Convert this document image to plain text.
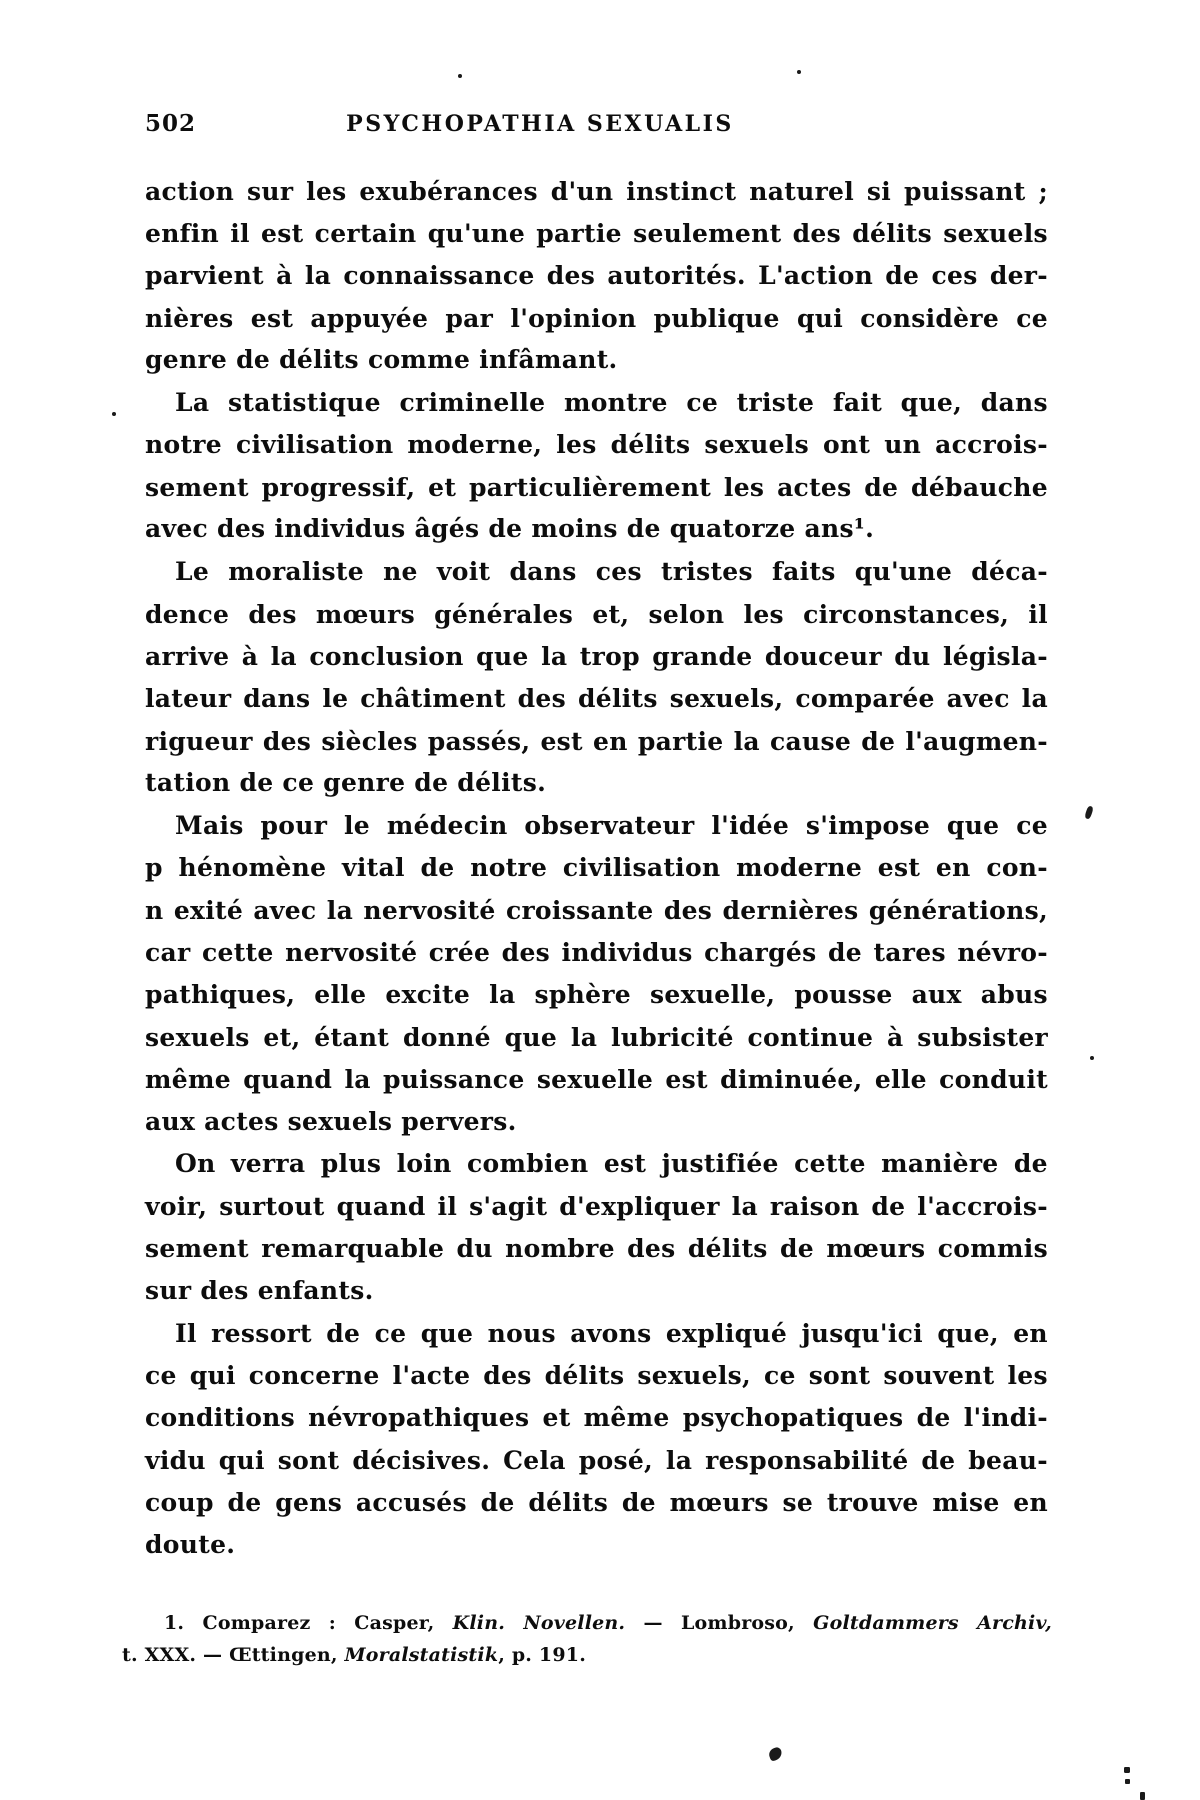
502	PSYCHOPATHIA SEXUALIS
action sur les exubérances d'un instinct naturel si puissant ;
enfin il est certain qu'une partie seulement des délits sexuels
parvient à la connaissance des autorités. L'action de ces der-
nières est appuyée par l'opinion publique qui considère ce
genre de délits comme infâmant.
La statistique criminelle montre ce triste fait que, dans
notre civilisation moderne, les délits sexuels ont un accrois-
sement progressif, et particulièrement les actes de débauche
avec des individus âgés de moins de quatorze ans¹.
Le moraliste ne voit dans ces tristes faits qu'une déca-
dence des mœurs générales et, selon les circonstances, il
arrive à la conclusion que la trop grande douceur du législa-
lateur dans le châtiment des délits sexuels, comparée avec la
rigueur des siècles passés, est en partie la cause de l'augmen-
tation de ce genre de délits.
Mais pour le médecin observateur l'idée s'impose que ce
p hénomène vital de notre civilisation moderne est en con-
n exité avec la nervosité croissante des dernières générations,
car cette nervosité crée des individus chargés de tares névro-
pathiques, elle excite la sphère sexuelle, pousse aux abus
sexuels et, étant donné que la lubricité continue à subsister
même quand la puissance sexuelle est diminuée, elle conduit
aux actes sexuels pervers.
On verra plus loin combien est justifiée cette manière de
voir, surtout quand il s'agit d'expliquer la raison de l'accrois-
sement remarquable du nombre des délits de mœurs commis
sur des enfants.
Il ressort de ce que nous avons expliqué jusqu'ici que, en
ce qui concerne l'acte des délits sexuels, ce sont souvent les
conditions névropathiques et même psychopatiques de l'indi-
vidu qui sont décisives. Cela posé, la responsabilité de beau-
coup de gens accusés de délits de mœurs se trouve mise en
doute.
1. Comparez : Casper, Klin. Novellen. — Lombroso, Goltdammers Archiv,
t. XXX. — Œttingen, Moralstatistik, p. 191.
